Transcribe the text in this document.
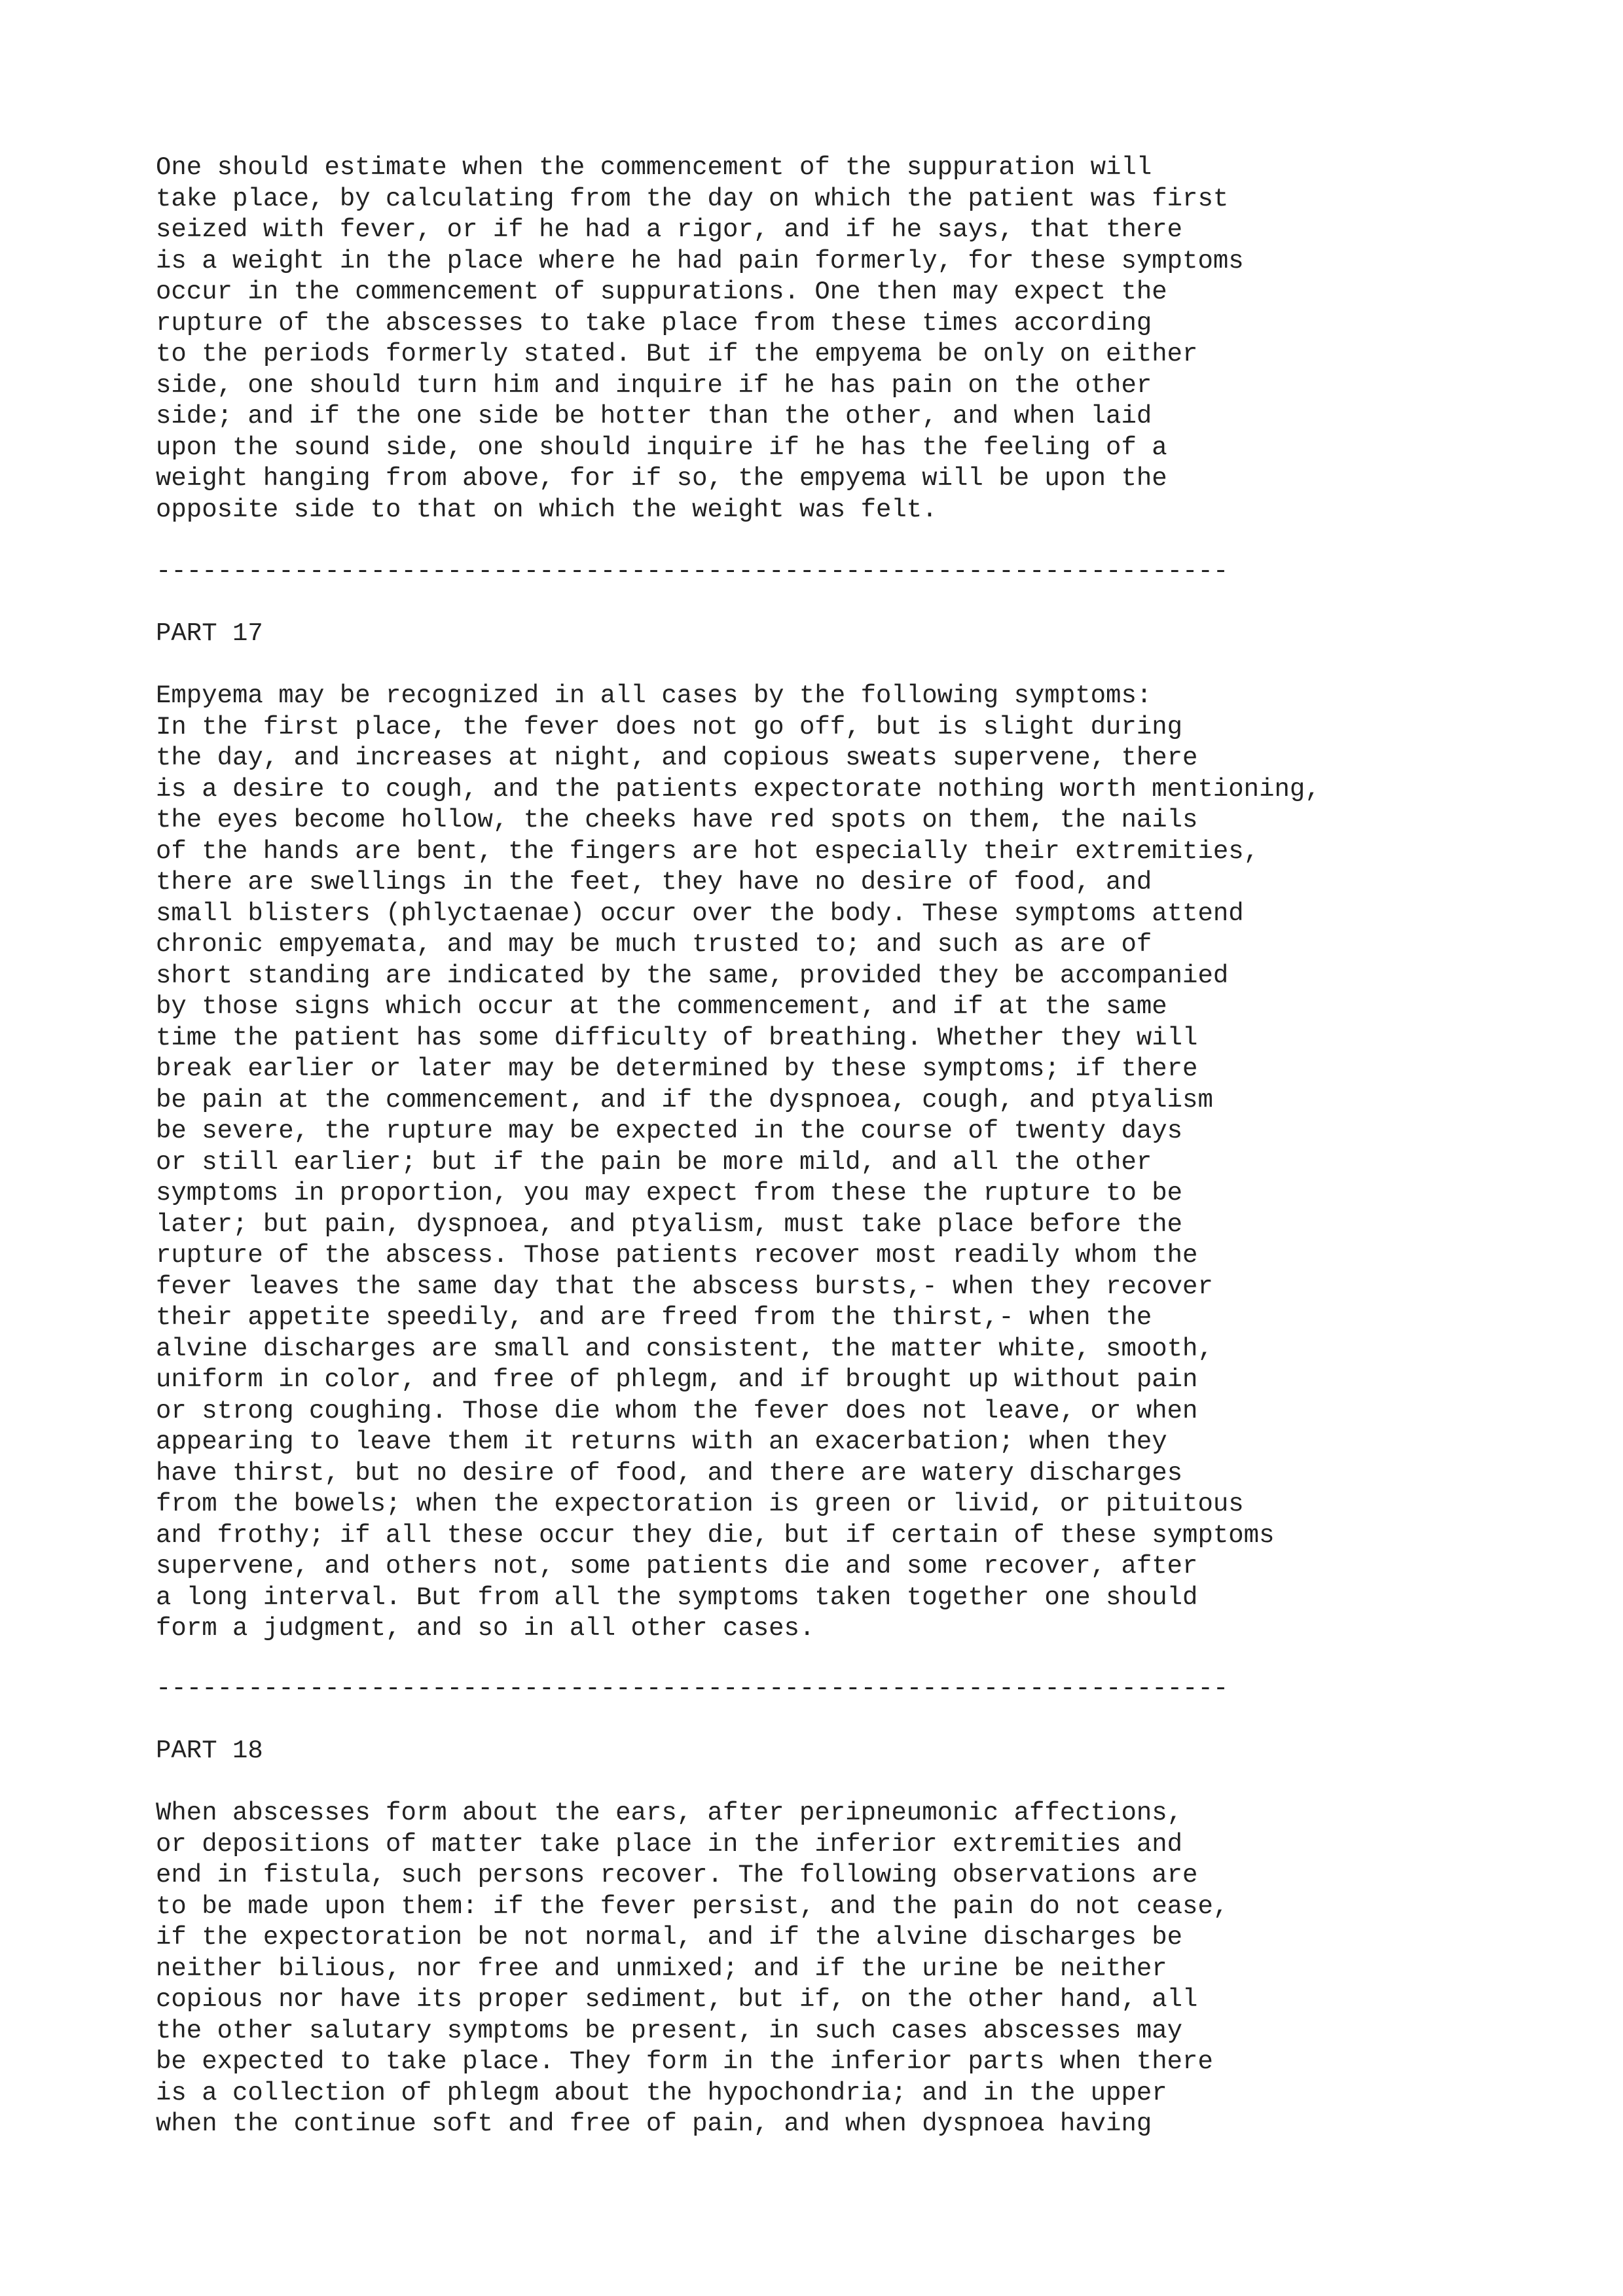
One should estimate when the commencement of the suppuration will
take place, by calculating from the day on which the patient was first
seized with fever, or if he had a rigor, and if he says, that there
is a weight in the place where he had pain formerly, for these symptoms
occur in the commencement of suppurations. One then may expect the
rupture of the abscesses to take place from these times according
to the periods formerly stated. But if the empyema be only on either
side, one should turn him and inquire if he has pain on the other
side; and if the one side be hotter than the other, and when laid
upon the sound side, one should inquire if he has the feeling of a
weight hanging from above, for if so, the empyema will be upon the
opposite side to that on which the weight was felt.
----------------------------------------------------------------------
PART 17
Empyema may be recognized in all cases by the following symptoms:
In the first place, the fever does not go off, but is slight during
the day, and increases at night, and copious sweats supervene, there
is a desire to cough, and the patients expectorate nothing worth mentioning,
the eyes become hollow, the cheeks have red spots on them, the nails
of the hands are bent, the fingers are hot especially their extremities,
there are swellings in the feet, they have no desire of food, and
small blisters (phlyctaenae) occur over the body. These symptoms attend
chronic empyemata, and may be much trusted to; and such as are of
short standing are indicated by the same, provided they be accompanied
by those signs which occur at the commencement, and if at the same
time the patient has some difficulty of breathing. Whether they will
break earlier or later may be determined by these symptoms; if there
be pain at the commencement, and if the dyspnoea, cough, and ptyalism
be severe, the rupture may be expected in the course of twenty days
or still earlier; but if the pain be more mild, and all the other
symptoms in proportion, you may expect from these the rupture to be
later; but pain, dyspnoea, and ptyalism, must take place before the
rupture of the abscess. Those patients recover most readily whom the
fever leaves the same day that the abscess bursts,- when they recover
their appetite speedily, and are freed from the thirst,- when the
alvine discharges are small and consistent, the matter white, smooth,
uniform in color, and free of phlegm, and if brought up without pain
or strong coughing. Those die whom the fever does not leave, or when
appearing to leave them it returns with an exacerbation; when they
have thirst, but no desire of food, and there are watery discharges
from the bowels; when the expectoration is green or livid, or pituitous
and frothy; if all these occur they die, but if certain of these symptoms
supervene, and others not, some patients die and some recover, after
a long interval. But from all the symptoms taken together one should
form a judgment, and so in all other cases.
----------------------------------------------------------------------
PART 18
When abscesses form about the ears, after peripneumonic affections,
or depositions of matter take place in the inferior extremities and
end in fistula, such persons recover. The following observations are
to be made upon them: if the fever persist, and the pain do not cease,
if the expectoration be not normal, and if the alvine discharges be
neither bilious, nor free and unmixed; and if the urine be neither
copious nor have its proper sediment, but if, on the other hand, all
the other salutary symptoms be present, in such cases abscesses may
be expected to take place. They form in the inferior parts when there
is a collection of phlegm about the hypochondria; and in the upper
when the continue soft and free of pain, and when dyspnoea having
